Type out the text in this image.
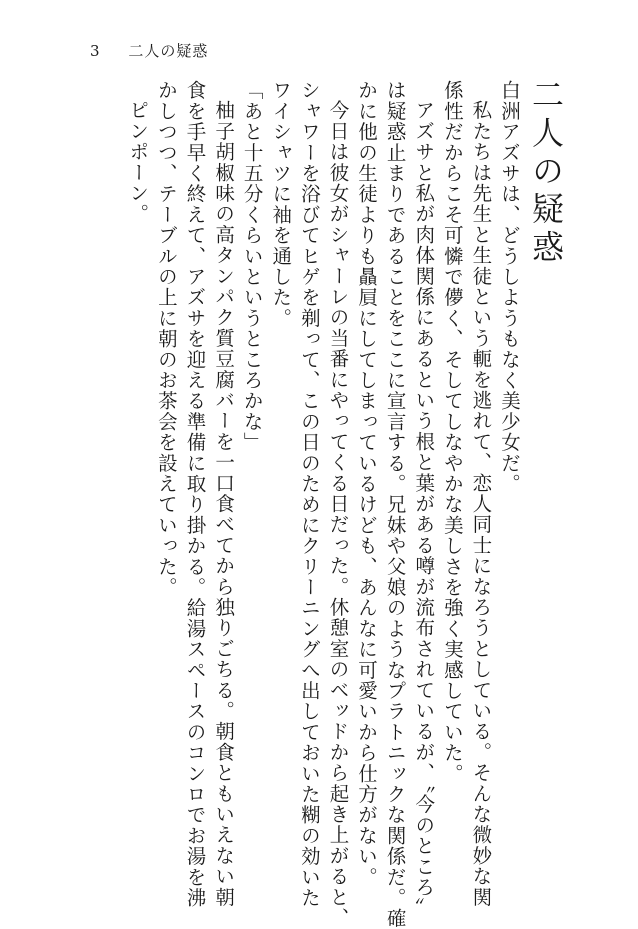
3 二人の疑惑
二人の疑惑
白洲アズサは、どうしようもなく美少女だ。
私たちは先生と生徒という軛を逃れて、恋人同士になろうとしている。そんな微妙な関
係性だからこそ可憐で儚く、そしてしなやかな美しさを強く実感していた。
アズサと私が肉体関係にあるという根と葉がある噂が流布されているが、〝今のところ〟
は疑惑止まりであることをここに宣言する。兄妹や父娘のようなプラトニックな関係だ。確
かに他の生徒よりも贔屓にしてしまっているけども、あんなに可愛いから仕方がない。
今日は彼女がシャーレの当番にやってくる日だった。休憩室のベッドから起き上がると、
シャワーを浴びてヒゲを剃って、この日のためにクリーニングへ出しておいた糊の効いた
ワイシャツに袖を通した。
「あと十五分くらいというところかな」
柚子胡椒味の高タンパク質豆腐バーを一口食べてから独りごちる。朝食ともいえない朝
食を手早く終えて、アズサを迎える準備に取り掛かる。給湯スペースのコンロでお湯を沸
かしつつ、テーブルの上に朝のお茶会を設えていった。
ピンポーン。
